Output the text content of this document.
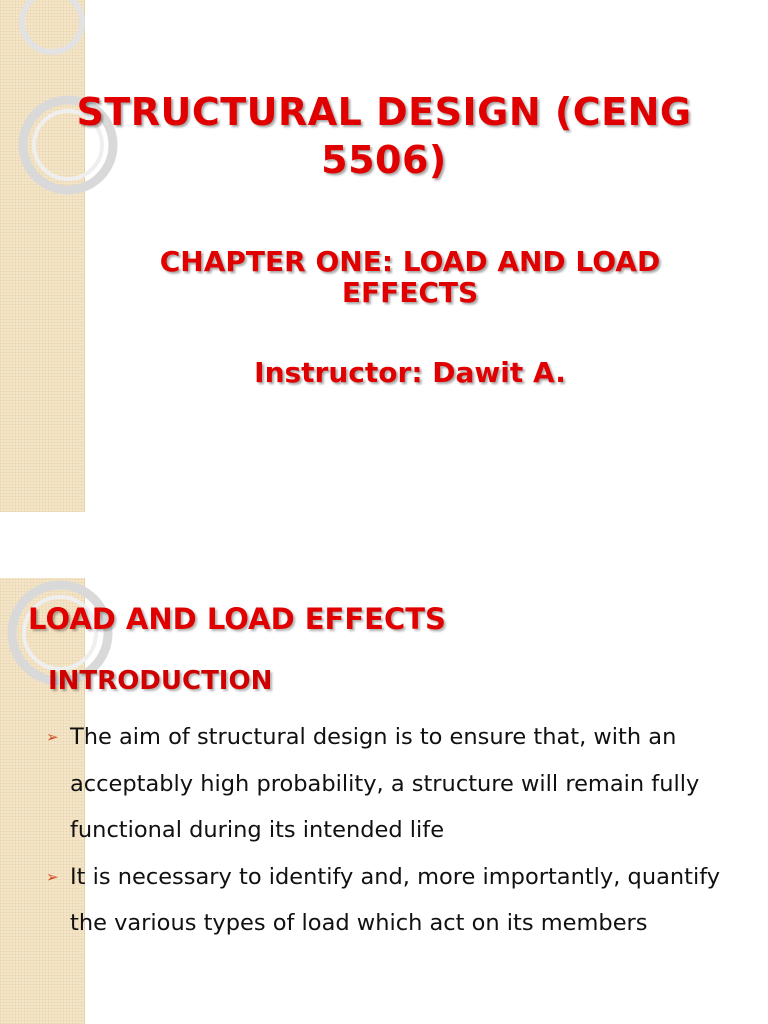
STRUCTURAL DESIGN (CENG 5506)
CHAPTER ONE: LOAD AND LOAD EFFECTS
Instructor: Dawit A.
LOAD AND LOAD EFFECTS
INTRODUCTION
➢ The aim of structural design is to ensure that, with an acceptably high probability, a structure will remain fully functional during its intended life
➢ It is necessary to identify and, more importantly, quantify the various types of load which act on its members
